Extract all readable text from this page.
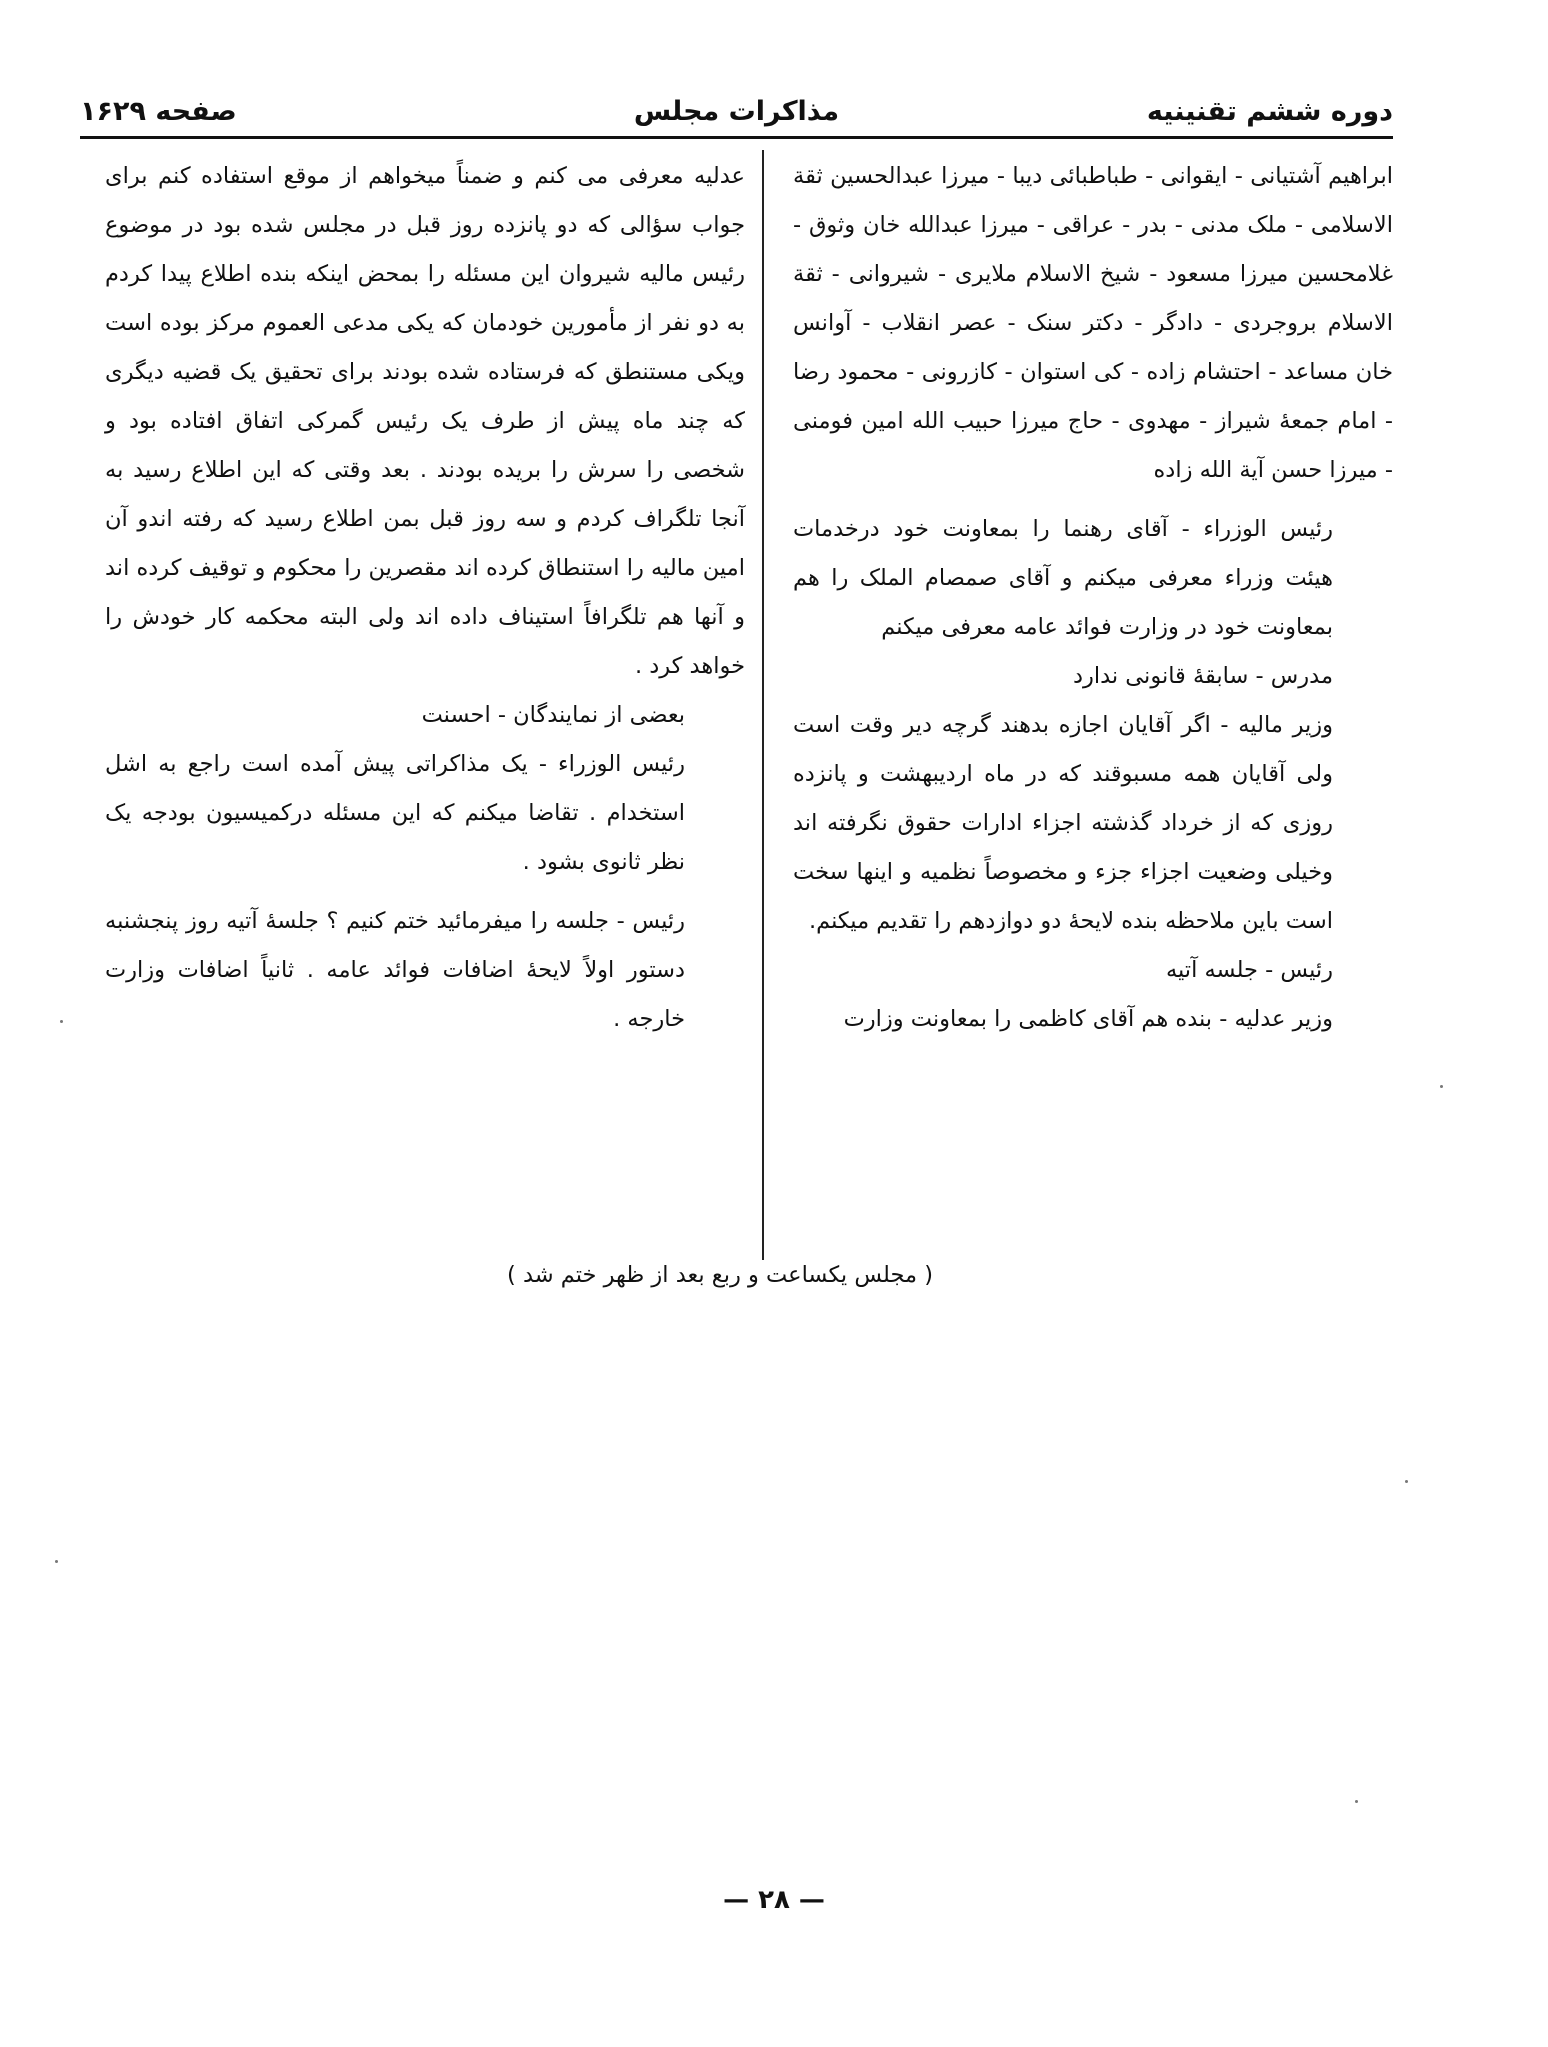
دوره ششم تقنینیه
مذاکرات مجلس
صفحه ۱۶۲۹

ابراهیم آشتیانی - ایقوانی - طباطبائی دیبا - میرزا عبدالحسین ثقة الاسلامی - ملک مدنی - بدر - عراقی - میرزا عبدالله خان وثوق - غلامحسین میرزا مسعود - شیخ الاسلام ملایری - شیروانی - ثقة الاسلام بروجردی - دادگر - دکتر سنک - عصر انقلاب - آوانس خان مساعد - احتشام زاده - کی استوان - کازرونی - محمود رضا - امام جمعهٔ شیراز - مهدوی - حاج میرزا حبیب الله امین فومنی - میرزا حسن آیة الله زاده

رئیس الوزراء - آقای رهنما را بمعاونت خود درخدمات هیئت وزراء معرفی میکنم و آقای صمصام الملک را هم بمعاونت خود در وزارت فوائد عامه معرفی میکنم

مدرس - سابقهٔ قانونی ندارد

وزیر مالیه - اگر آقایان اجازه بدهند گرچه دیر وقت است ولی آقایان همه مسبوقند که در ماه اردیبهشت و پانزده روزی که از خرداد گذشته اجزاء ادارات حقوق نگرفته اند وخیلی وضعیت اجزاء جزء و مخصوصاً نظمیه و اینها سخت است باین ملاحظه بنده لایحهٔ دو دوازدهم را تقدیم میکنم.

رئیس - جلسه آتیه

وزیر عدلیه - بنده هم آقای کاظمی را بمعاونت وزارت

عدلیه معرفی می کنم و ضمناً میخواهم از موقع استفاده کنم برای جواب سؤالی که دو پانزده روز قبل در مجلس شده بود در موضوع رئیس مالیه شیروان این مسئله را بمحض اینکه بنده اطلاع پیدا کردم به دو نفر از مأمورین خودمان که یکی مدعی العموم مرکز بوده است ویکی مستنطق که فرستاده شده بودند برای تحقیق یک قضیه دیگری که چند ماه پیش از طرف یک رئیس گمرکی اتفاق افتاده بود و شخصی را سرش را بریده بودند . بعد وقتی که این اطلاع رسید به آنجا تلگراف کردم و سه روز قبل بمن اطلاع رسید که رفته اندو آن امین مالیه را استنطاق کرده اند مقصرین را محکوم و توقیف کرده اند و آنها هم تلگرافاً استیناف داده اند ولی البته محکمه کار خودش را خواهد کرد .

بعضی از نمایندگان - احسنت

رئیس الوزراء - یک مذاکراتی پیش آمده است راجع به اشل استخدام . تقاضا میکنم که این مسئله درکمیسیون بودجه یک نظر ثانوی بشود .

رئیس - جلسه را میفرمائید ختم کنیم ؟ جلسهٔ آتیه روز پنجشنبه دستور اولاً لایحهٔ اضافات فوائد عامه . ثانیاً اضافات وزارت خارجه .

( مجلس یکساعت و ربع بعد از ظهر ختم شد )
— ۲۸ —
